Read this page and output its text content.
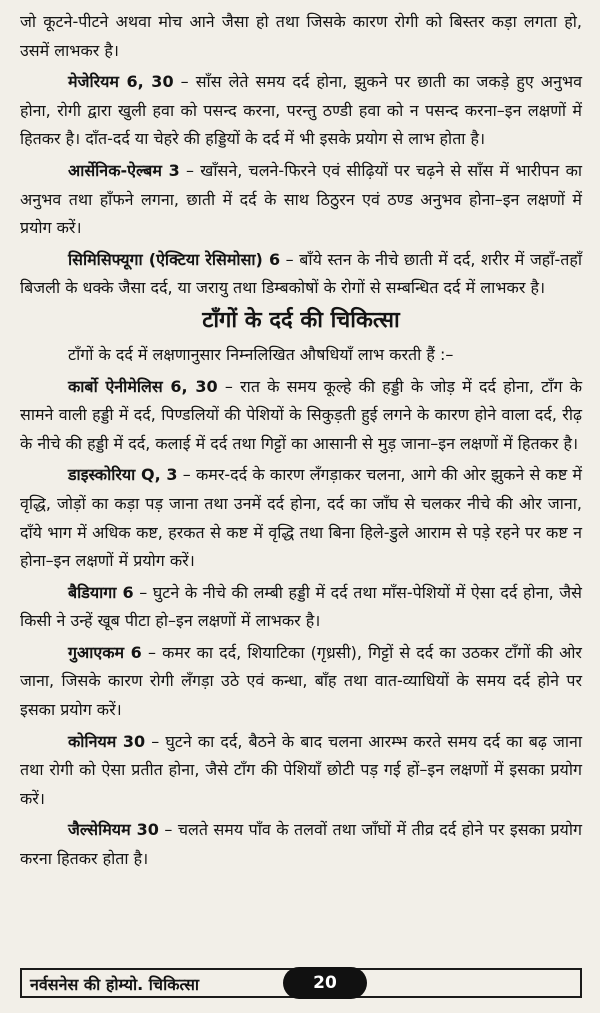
जो कूटने-पीटने अथवा मोच आने जैसा हो तथा जिसके कारण रोगी को बिस्तर कड़ा लगता हो, उसमें लाभकर है।

मेजेरियम 6, 30 – साँस लेते समय दर्द होना, झुकने पर छाती का जकड़े हुए अनुभव होना, रोगी द्वारा खुली हवा को पसन्द करना, परन्तु ठण्डी हवा को न पसन्द करना–इन लक्षणों में हितकर है। दाँत-दर्द या चेहरे की हड्डियों के दर्द में भी इसके प्रयोग से लाभ होता है।

आर्सेनिक-ऐल्बम 3 – खाँसने, चलने-फिरने एवं सीढ़ियों पर चढ़ने से साँस में भारीपन का अनुभव तथा हाँफने लगना, छाती में दर्द के साथ ठिठुरन एवं ठण्ड अनुभव होना–इन लक्षणों में प्रयोग करें।

सिमिसिफ्यूगा (ऐक्टिया रेसिमोसा) 6 – बाँये स्तन के नीचे छाती में दर्द, शरीर में जहाँ-तहाँ बिजली के धक्के जैसा दर्द, या जरायु तथा डिम्बकोषों के रोगों से सम्बन्धित दर्द में लाभकर है।

टाँगों के दर्द की चिकित्सा

टाँगों के दर्द में लक्षणानुसार निम्नलिखित औषधियाँ लाभ करती हैं :–

कार्बो ऐनीमेलिस 6, 30 – रात के समय कूल्हे की हड्डी के जोड़ में दर्द होना, टाँग के सामने वाली हड्डी में दर्द, पिण्डलियों की पेशियों के सिकुड़ती हुई लगने के कारण होने वाला दर्द, रीढ़ के नीचे की हड्डी में दर्द, कलाई में दर्द तथा गिट्टों का आसानी से मुड़ जाना–इन लक्षणों में हितकर है।

डाइस्कोरिया Q, 3 – कमर-दर्द के कारण लँगड़ाकर चलना, आगे की ओर झुकने से कष्ट में वृद्धि, जोड़ों का कड़ा पड़ जाना तथा उनमें दर्द होना, दर्द का जाँघ से चलकर नीचे की ओर जाना, दाँये भाग में अधिक कष्ट, हरकत से कष्ट में वृद्धि तथा बिना हिले-डुले आराम से पड़े रहने पर कष्ट न होना–इन लक्षणों में प्रयोग करें।

बैडियागा 6 – घुटने के नीचे की लम्बी हड्डी में दर्द तथा माँस-पेशियों में ऐसा दर्द होना, जैसे किसी ने उन्हें खूब पीटा हो–इन लक्षणों में लाभकर है।

गुआएकम 6 – कमर का दर्द, शियाटिका (गृध्रसी), गिट्टों से दर्द का उठकर टाँगों की ओर जाना, जिसके कारण रोगी लँगड़ा उठे एवं कन्धा, बाँह तथा वात-व्याधियों के समय दर्द होने पर इसका प्रयोग करें।

कोनियम 30 – घुटने का दर्द, बैठने के बाद चलना आरम्भ करते समय दर्द का बढ़ जाना तथा रोगी को ऐसा प्रतीत होना, जैसे टाँग की पेशियाँ छोटी पड़ गई हों–इन लक्षणों में इसका प्रयोग करें।

जैल्सेमियम 30 – चलते समय पाँव के तलवों तथा जाँघों में तीव्र दर्द होने पर इसका प्रयोग करना हितकर होता है।

नर्वसनेस की होम्यो. चिकित्सा	20
